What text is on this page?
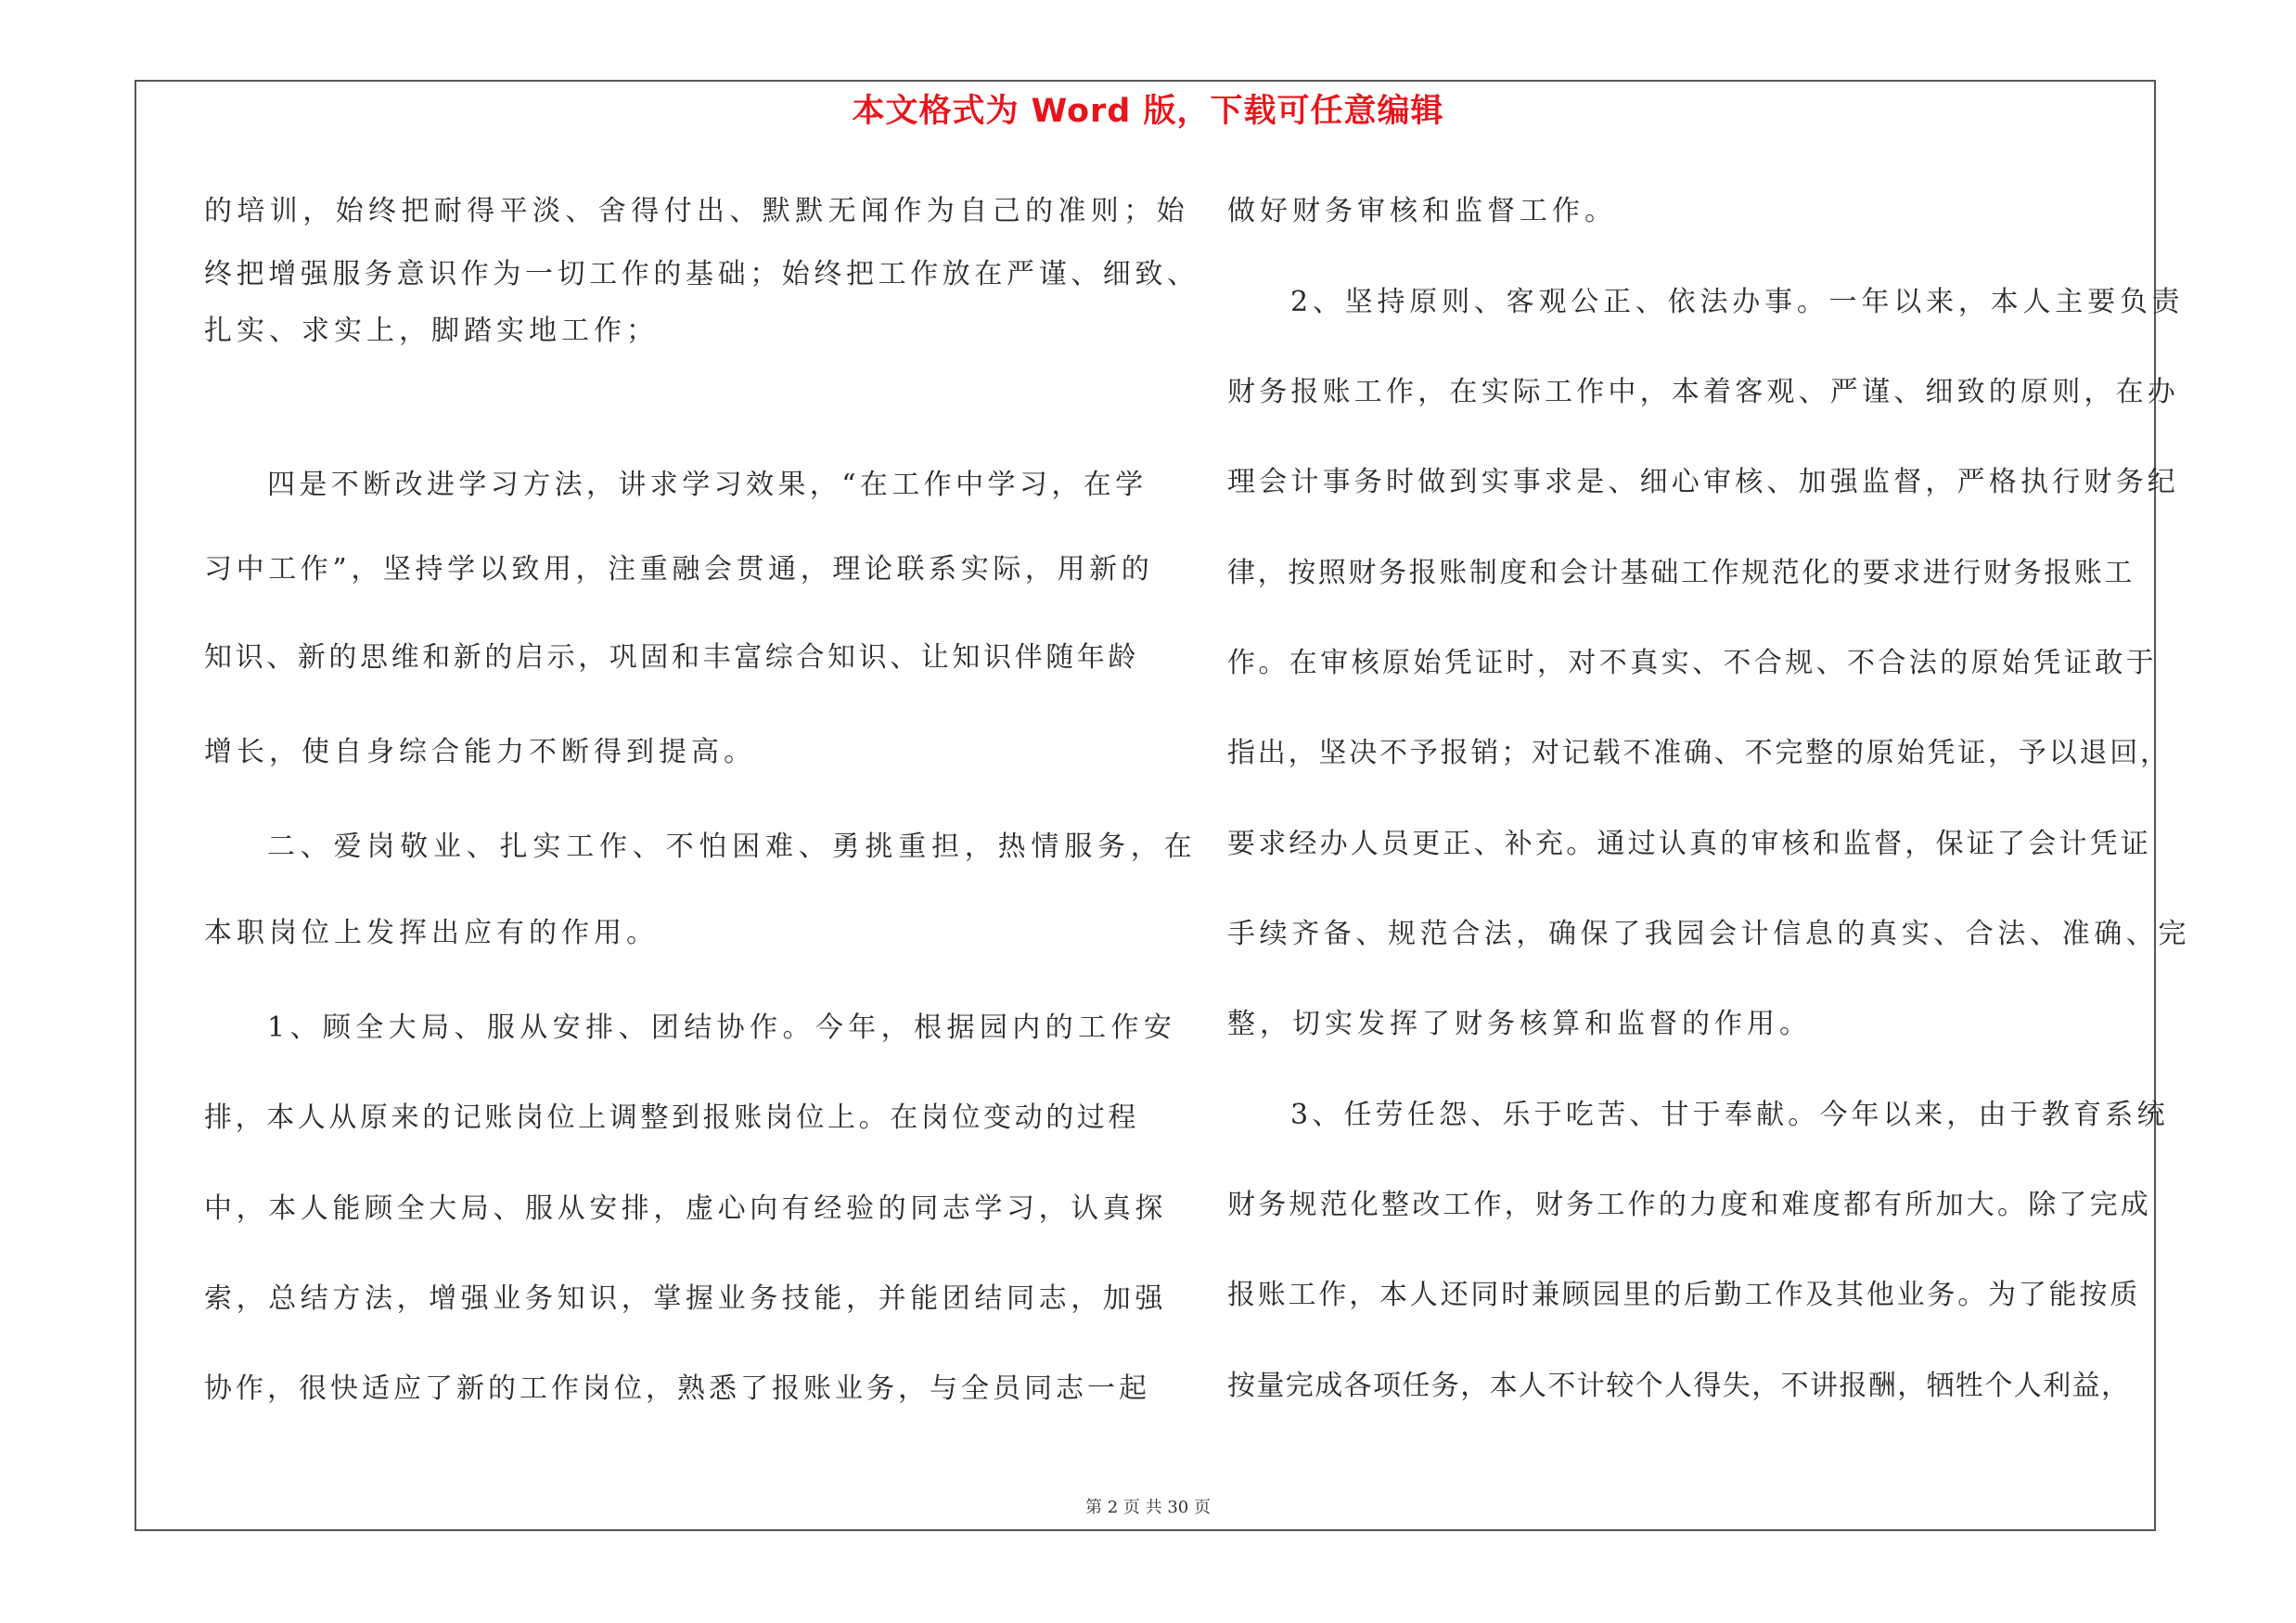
本文格式为 Word 版，下载可任意编辑
的培训，始终把耐得平淡、舍得付出、默默无闻作为自己的准则；始
终把增强服务意识作为一切工作的基础；始终把工作放在严谨、细致、
扎实、求实上，脚踏实地工作；
四是不断改进学习方法，讲求学习效果，“在工作中学习，在学
习中工作”，坚持学以致用，注重融会贯通，理论联系实际，用新的
知识、新的思维和新的启示，巩固和丰富综合知识、让知识伴随年龄
增长，使自身综合能力不断得到提高。
二、爱岗敬业、扎实工作、不怕困难、勇挑重担，热情服务，在
本职岗位上发挥出应有的作用。
1、顾全大局、服从安排、团结协作。今年，根据园内的工作安
排，本人从原来的记账岗位上调整到报账岗位上。在岗位变动的过程
中，本人能顾全大局、服从安排，虚心向有经验的同志学习，认真探
索，总结方法，增强业务知识，掌握业务技能，并能团结同志，加强
协作，很快适应了新的工作岗位，熟悉了报账业务，与全员同志一起
做好财务审核和监督工作。
2、坚持原则、客观公正、依法办事。一年以来，本人主要负责
财务报账工作，在实际工作中，本着客观、严谨、细致的原则，在办
理会计事务时做到实事求是、细心审核、加强监督，严格执行财务纪
律，按照财务报账制度和会计基础工作规范化的要求进行财务报账工
作。在审核原始凭证时，对不真实、不合规、不合法的原始凭证敢于
指出，坚决不予报销；对记载不准确、不完整的原始凭证，予以退回，
要求经办人员更正、补充。通过认真的审核和监督，保证了会计凭证
手续齐备、规范合法，确保了我园会计信息的真实、合法、准确、完
整，切实发挥了财务核算和监督的作用。
3、任劳任怨、乐于吃苦、甘于奉献。今年以来，由于教育系统
财务规范化整改工作，财务工作的力度和难度都有所加大。除了完成
报账工作，本人还同时兼顾园里的后勤工作及其他业务。为了能按质
按量完成各项任务，本人不计较个人得失，不讲报酬，牺牲个人利益，
第 2 页 共 30 页
